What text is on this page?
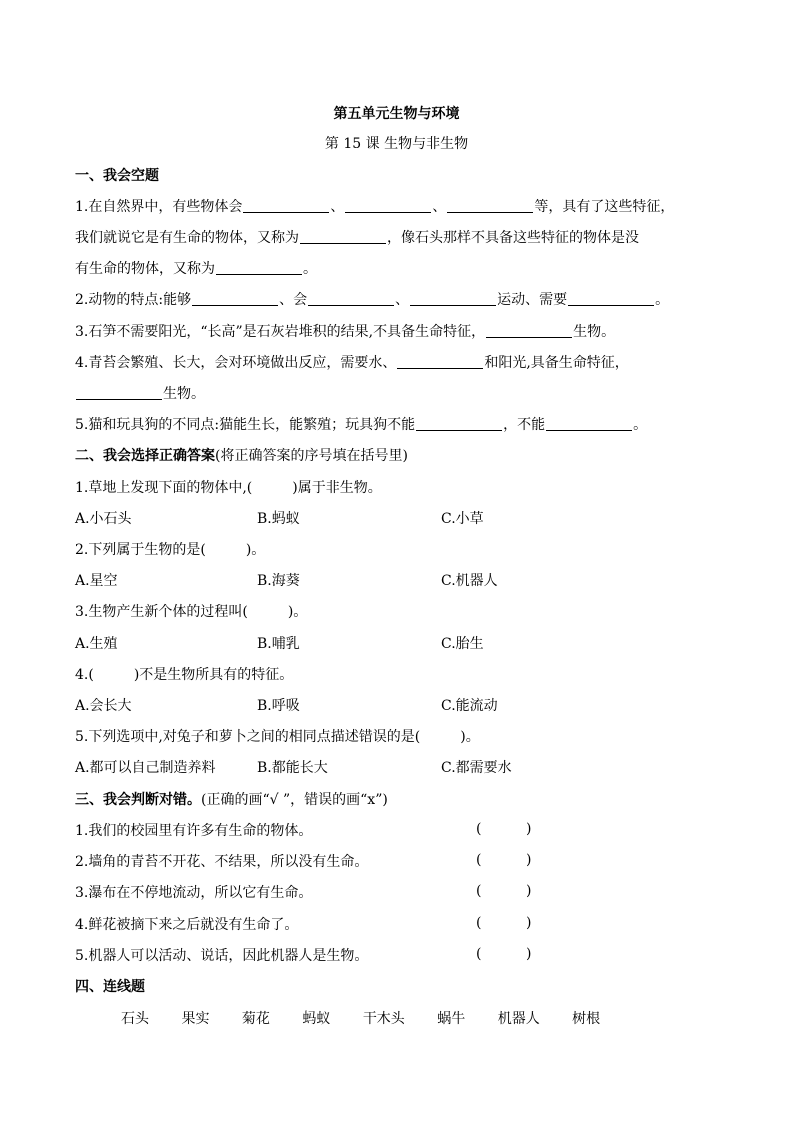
第五单元生物与环境
第 15 课 生物与非生物
一、我会空题
1.在自然界中，有些物体会	、	、	等，具有了这些特征，
我们就说它是有生命的物体，又称为	，像石头那样不具备这些特征的物体是没
有生命的物体，又称为	。
2.动物的特点:能够	、会	、	运动、需要	。
3.石笋不需要阳光，“长高”是石灰岩堆积的结果,不具备生命特征，	生物。
4.青苔会繁殖、长大，会对环境做出反应，需要水、	和阳光,具备生命特征，
生物。
5.猫和玩具狗的不同点:猫能生长，能繁殖；玩具狗不能	，不能	。
二、我会选择正确答案(将正确答案的序号填在括号里)
1.草地上发现下面的物体中,(	)属于非生物。
A.小石头	B.蚂蚁	C.小草
2.下列属于生物的是(	)。
A.星空	B.海葵	C.机器人
3.生物产生新个体的过程叫(	)。
A.生殖	B.哺乳	C.胎生
4.(	)不是生物所具有的特征。
A.会长大	B.呼吸	C.能流动
5.下列选项中,对兔子和萝卜之间的相同点描述错误的是(	)。
A.都可以自己制造养料	B.都能长大	C.都需要水
三、我会判断对错。(正确的画“√ ”，错误的画“x”)
1.我们的校园里有许多有生命的物体。	(          )
2.墙角的青苔不开花、不结果，所以没有生命。	(          )
3.瀑布在不停地流动，所以它有生命。	(          )
4.鲜花被摘下来之后就没有生命了。	(          )
5.机器人可以活动、说话，因此机器人是生物。	(          )
四、连线题
石头 果实 菊花 蚂蚁 干木头 蜗牛 机器人 树根
